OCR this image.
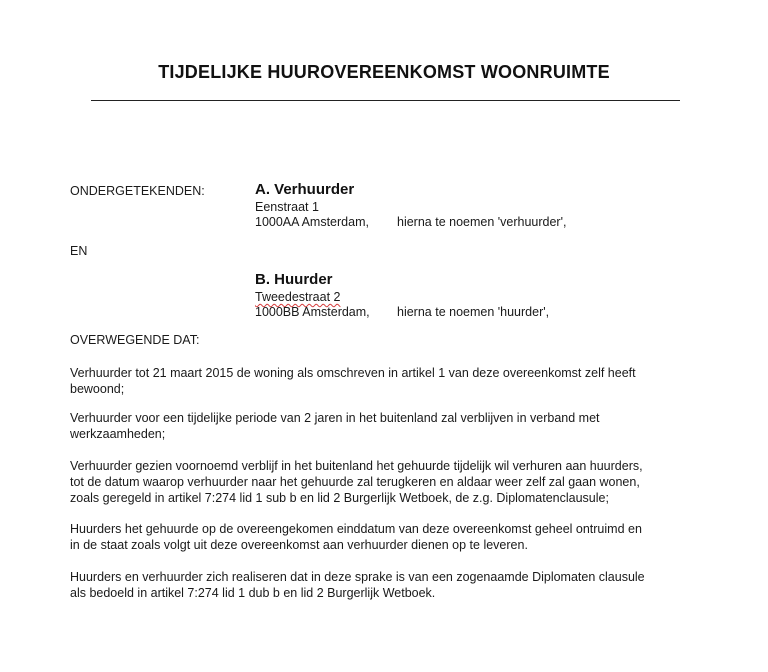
TIJDELIJKE HUUROVEREENKOMST WOONRUIMTE
ONDERGETEKENDEN:	A. Verhuurder
Eenstraat 1
1000AA Amsterdam, hierna te noemen 'verhuurder',
EN
B. Huurder
Tweedestraat 2
1000BB Amsterdam, hierna te noemen 'huurder',
OVERWEGENDE DAT:
Verhuurder tot 21 maart 2015 de woning als omschreven in artikel 1 van deze overeenkomst zelf heeft
bewoond;
Verhuurder voor een tijdelijke periode van 2 jaren in het buitenland zal verblijven in verband met
werkzaamheden;
Verhuurder gezien voornoemd verblijf in het buitenland het gehuurde tijdelijk wil verhuren aan huurders,
tot de datum waarop verhuurder naar het gehuurde zal terugkeren en aldaar weer zelf zal gaan wonen,
zoals geregeld in artikel 7:274 lid 1 sub b en lid 2 Burgerlijk Wetboek, de z.g. Diplomatenclausule;
Huurders het gehuurde op de overeengekomen einddatum van deze overeenkomst geheel ontruimd en
in de staat zoals volgt uit deze overeenkomst aan verhuurder dienen op te leveren.
Huurders en verhuurder zich realiseren dat in deze sprake is van een zogenaamde Diplomaten clausule
als bedoeld in artikel 7:274 lid 1 dub b en lid 2 Burgerlijk Wetboek.
